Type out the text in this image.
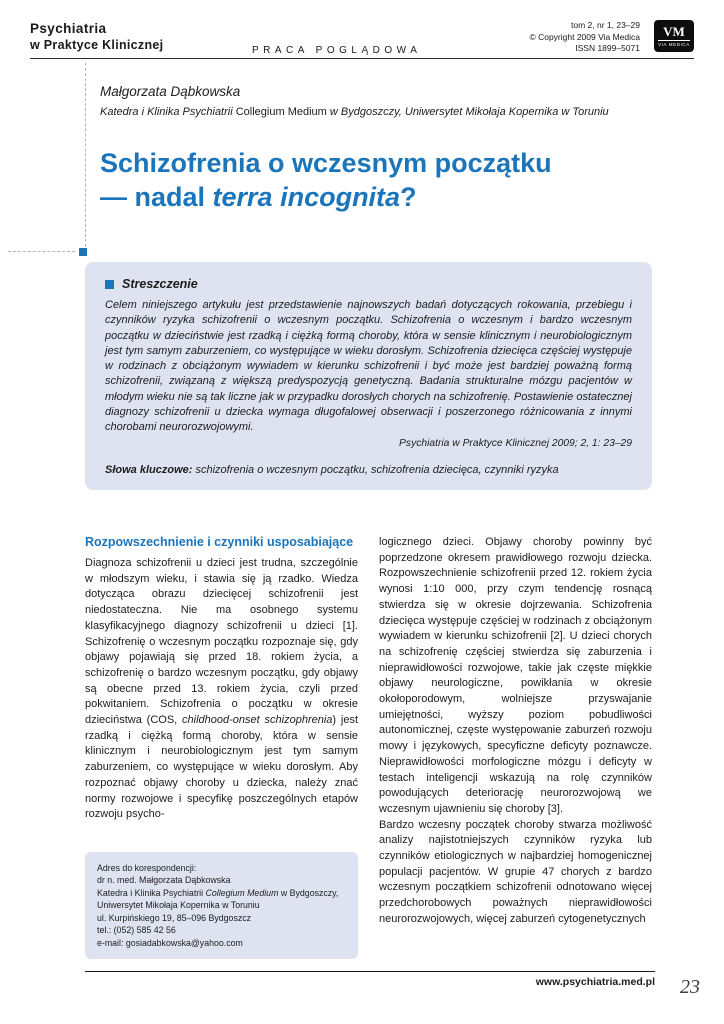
Psychiatria
w Praktyce Klinicznej	PRACA POGLĄDOWA
tom 2, nr 1, 23–29
© Copyright 2009 Via Medica
ISSN 1899–5071
VM
VIA MEDICA
Małgorzata Dąbkowska
Katedra i Klinika Psychiatrii Collegium Medium w Bydgoszczy, Uniwersytet Mikołaja Kopernika w Toruniu
Schizofrenia o wczesnym początku
— nadal terra incognita?
Streszczenie

Celem niniejszego artykułu jest przedstawienie najnowszych badań dotyczących rokowania, przebiegu i czynników ryzyka schizofrenii o wczesnym początku. Schizofrenia o wczesnym i bardzo wczesnym początku w dzieciństwie jest rzadką i ciężką formą choroby, która w sensie klinicznym i neurobiologicznym jest tym samym zaburzeniem, co występujące w wieku dorosłym. Schizofrenia dziecięca częściej występuje w rodzinach z obciążonym wywiadem w kierunku schizofrenii i być może jest bardziej poważną formą schizofrenii, związaną z większą predyspozycją genetyczną. Badania strukturalne mózgu pacjentów w młodym wieku nie są tak liczne jak w przypadku dorosłych chorych na schizofrenię. Postawienie ostatecznej diagnozy schizofrenii u dziecka wymaga długofalowej obserwacji i poszerzonego różnicowania z innymi chorobami neurorozwojowymi.

Psychiatria w Praktyce Klinicznej 2009; 2, 1: 23–29
Słowa kluczowe: schizofrenia o wczesnym początku, schizofrenia dziecięca, czynniki ryzyka
Rozpowszechnienie i czynniki usposabiające

Diagnoza schizofrenii u dzieci jest trudna, szczególnie w młodszym wieku, i stawia się ją rzadko. Wiedza dotycząca obrazu dziecięcej schizofrenii jest niedostateczna. Nie ma osobnego systemu klasyfikacyjnego diagnozy schizofrenii u dzieci [1]. Schizofrenię o wczesnym początku rozpoznaje się, gdy objawy pojawiają się przed 18. rokiem życia, a schizofrenię o bardzo wczesnym początku, gdy objawy są obecne przed 13. rokiem życia, czyli przed pokwitaniem. Schizofrenia o początku w okresie dzieciństwa (COS, childhood-onset schizophrenia) jest rzadką i ciężką formą choroby, która w sensie klinicznym i neurobiologicznym jest tym samym zaburzeniem, co występujące w wieku dorosłym. Aby rozpoznać objawy choroby u dziecka, należy znać normy rozwojowe i specyfikę poszczególnych etapów rozwoju psycho-

Adres do korespondencji:
dr n. med. Małgorzata Dąbkowska
Katedra i Klinika Psychiatrii Collegium Medium w Bydgoszczy,
Uniwersytet Mikołaja Kopernika w Toruniu
ul. Kurpińskiego 19, 85–096 Bydgoszcz
tel.: (052) 585 42 56
e-mail: gosiadabkowska@yahoo.com

logicznego dzieci. Objawy choroby powinny być poprzedzone okresem prawidłowego rozwoju dziecka. Rozpowszechnienie schizofrenii przed 12. rokiem życia wynosi 1:10 000, przy czym tendencję rosnącą stwierdza się w okresie dojrzewania. Schizofrenia dziecięca występuje częściej w rodzinach z obciążonym wywiadem w kierunku schizofrenii [2]. U dzieci chorych na schizofrenię częściej stwierdza się zaburzenia i nieprawidłowości rozwojowe, takie jak częste miękkie objawy neurologiczne, powikłania w okresie okołoporodowym, wolniejsze przyswajanie umiejętności, wyższy poziom pobudliwości autonomicznej, częste występowanie zaburzeń rozwoju mowy i językowych, specyficzne deficyty poznawcze. Nieprawidłowości morfologiczne mózgu i deficyty w testach inteligencji wskazują na rolę czynników powodujących deteriorację neurorozwojową we wczesnym ujawnieniu się choroby [3].

Bardzo wczesny początek choroby stwarza możliwość analizy najistotniejszych czynników ryzyka lub czynników etiologicznych w najbardziej homogenicznej populacji pacjentów. W grupie 47 chorych z bardzo wczesnym początkiem schizofrenii odnotowano więcej przedchorobowych poważnych nieprawidłowości neurorozwojowych, więcej zaburzeń cytogenetycznych

www.psychiatria.med.pl 23
